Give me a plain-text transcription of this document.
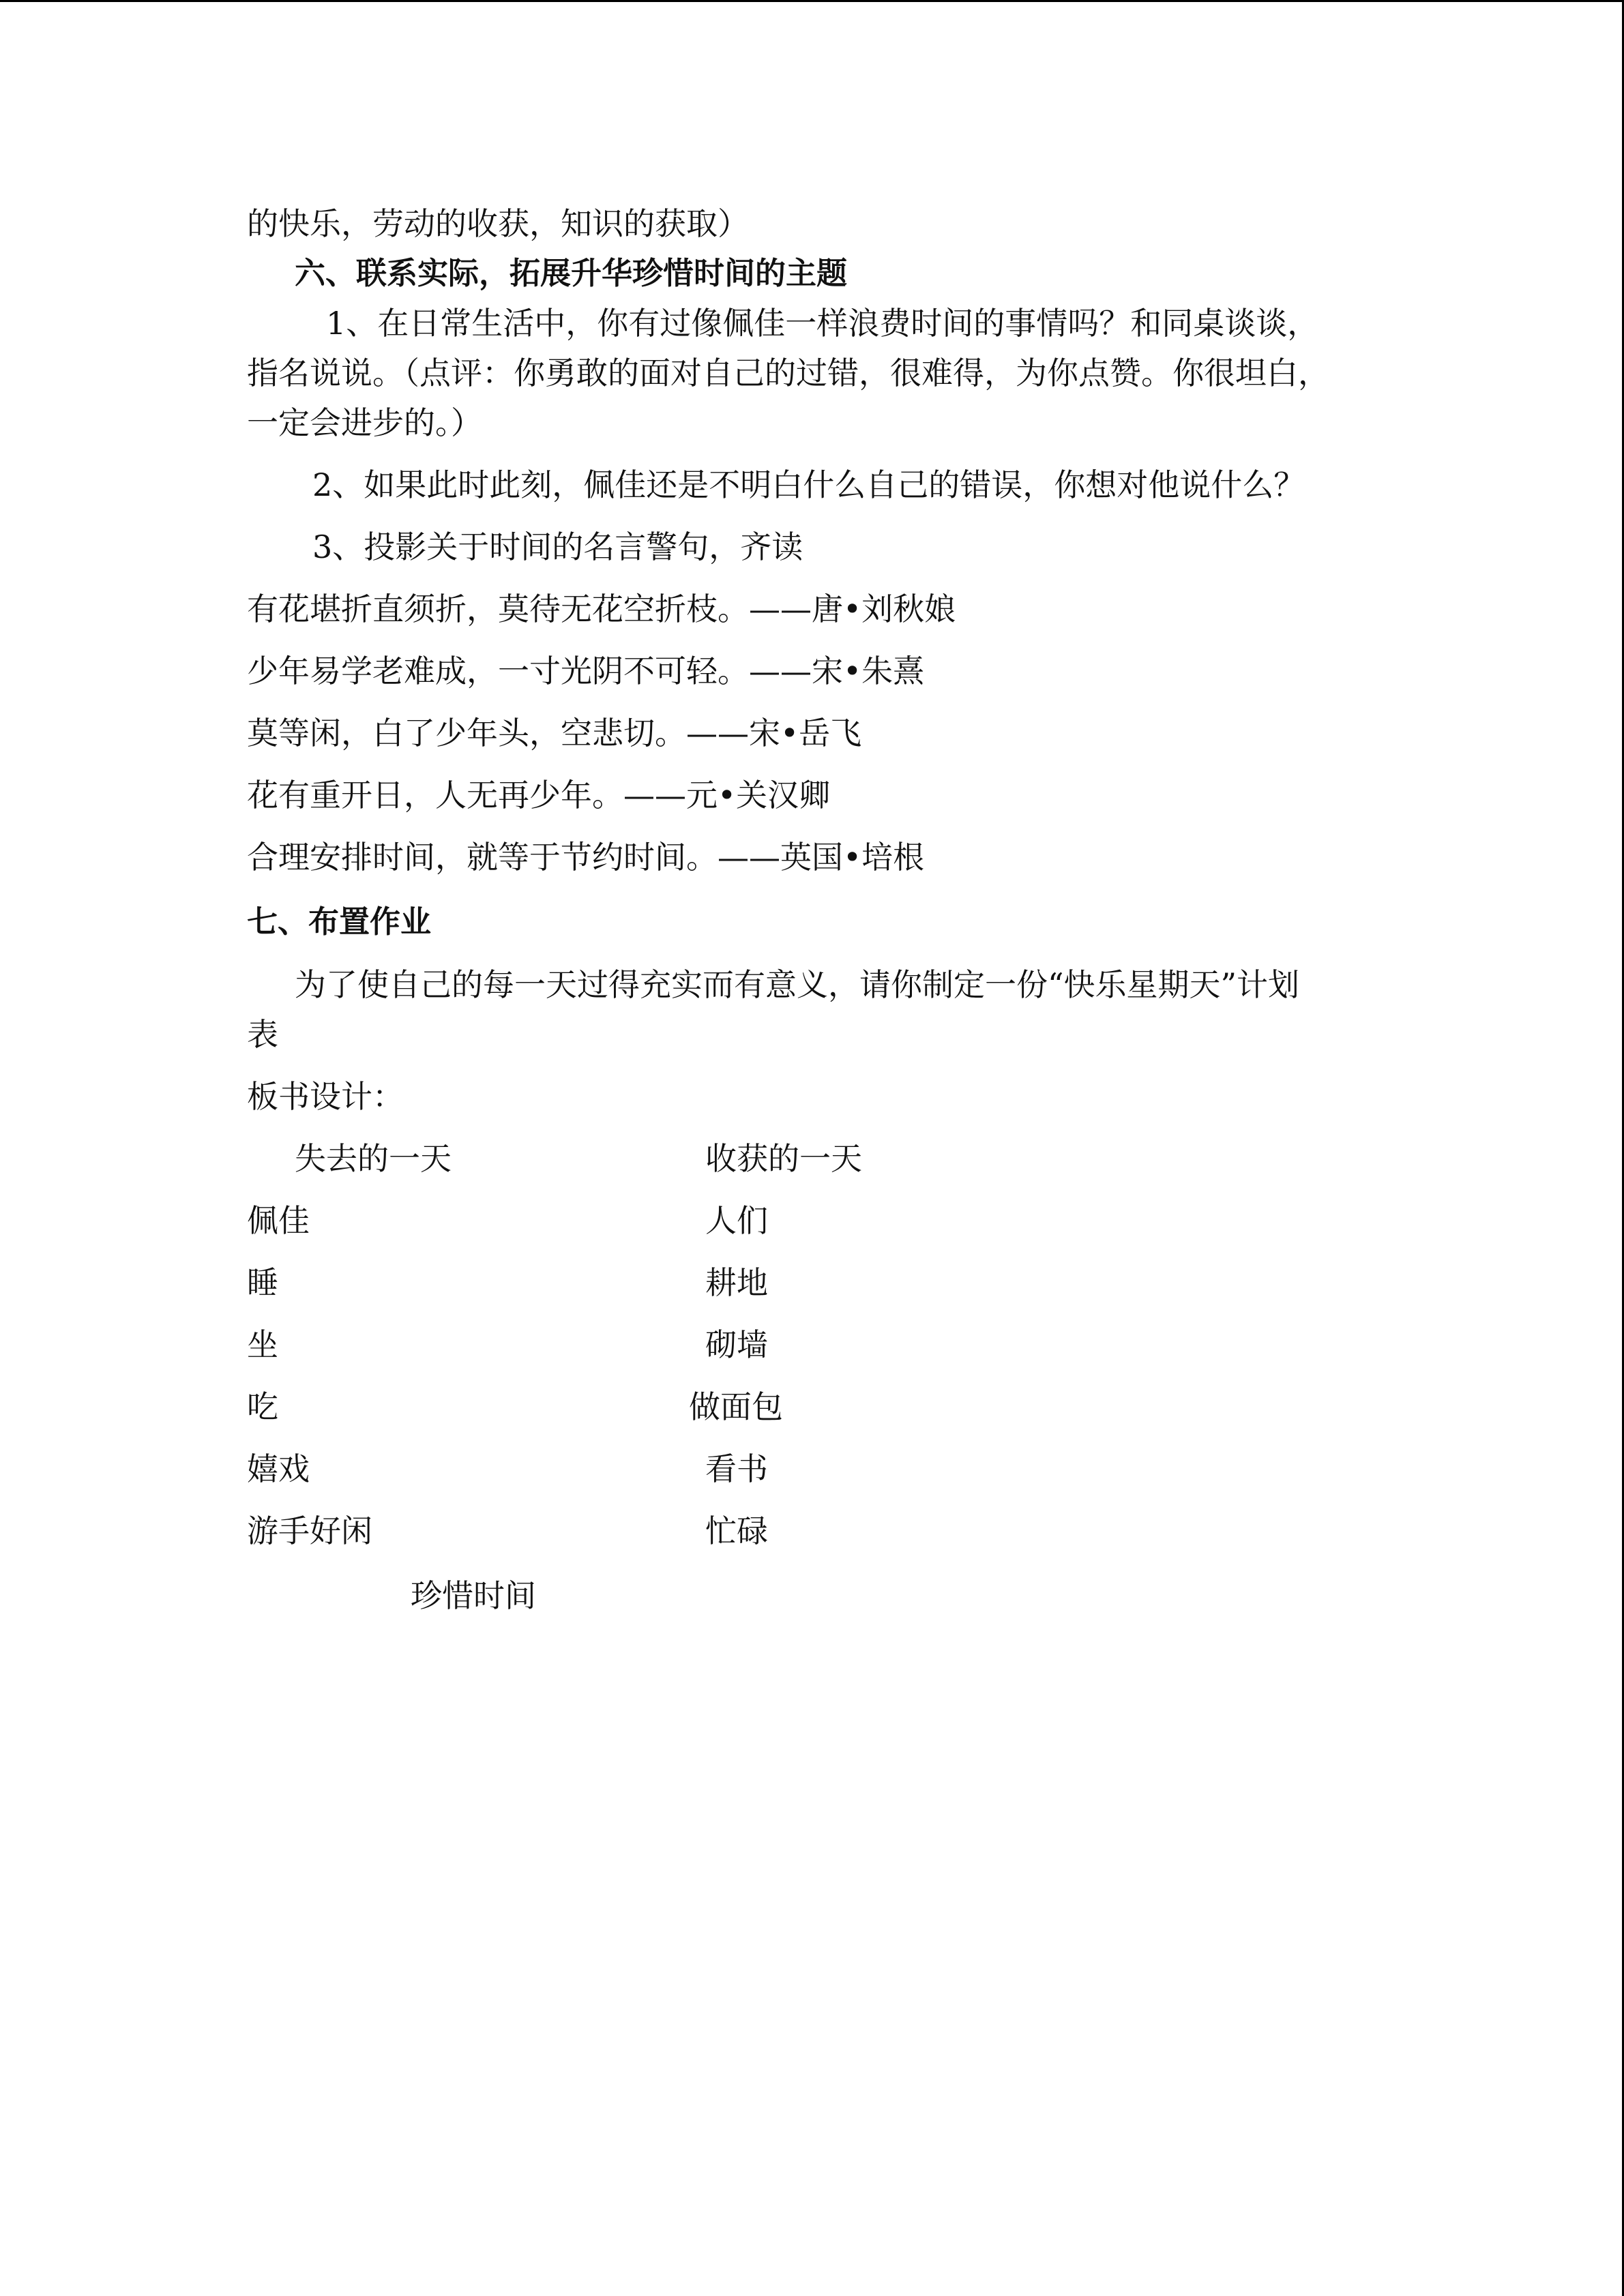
的快乐，劳动的收获，知识的获取）
六、联系实际，拓展升华珍惜时间的主题
1、在日常生活中，你有过像佩佳一样浪费时间的事情吗？和同桌谈谈，
指名说说。（点评：你勇敢的面对自己的过错，很难得，为你点赞。你很坦白，
一定会进步的。）
2、如果此时此刻，佩佳还是不明白什么自己的错误，你想对他说什么？
3、投影关于时间的名言警句，齐读
有花堪折直须折，莫待无花空折枝。——唐•刘秋娘
少年易学老难成，一寸光阴不可轻。——宋•朱熹
莫等闲，白了少年头，空悲切。——宋•岳飞
花有重开日，人无再少年。——元•关汉卿
合理安排时间，就等于节约时间。——英国•培根
七、布置作业
为了使自己的每一天过得充实而有意义，请你制定一份“快乐星期天”计划
表
板书设计：
失去的一天	收获的一天
佩佳	人们
睡	耕地
坐	砌墙
吃	做面包
嬉戏	看书
游手好闲	忙碌
珍惜时间
